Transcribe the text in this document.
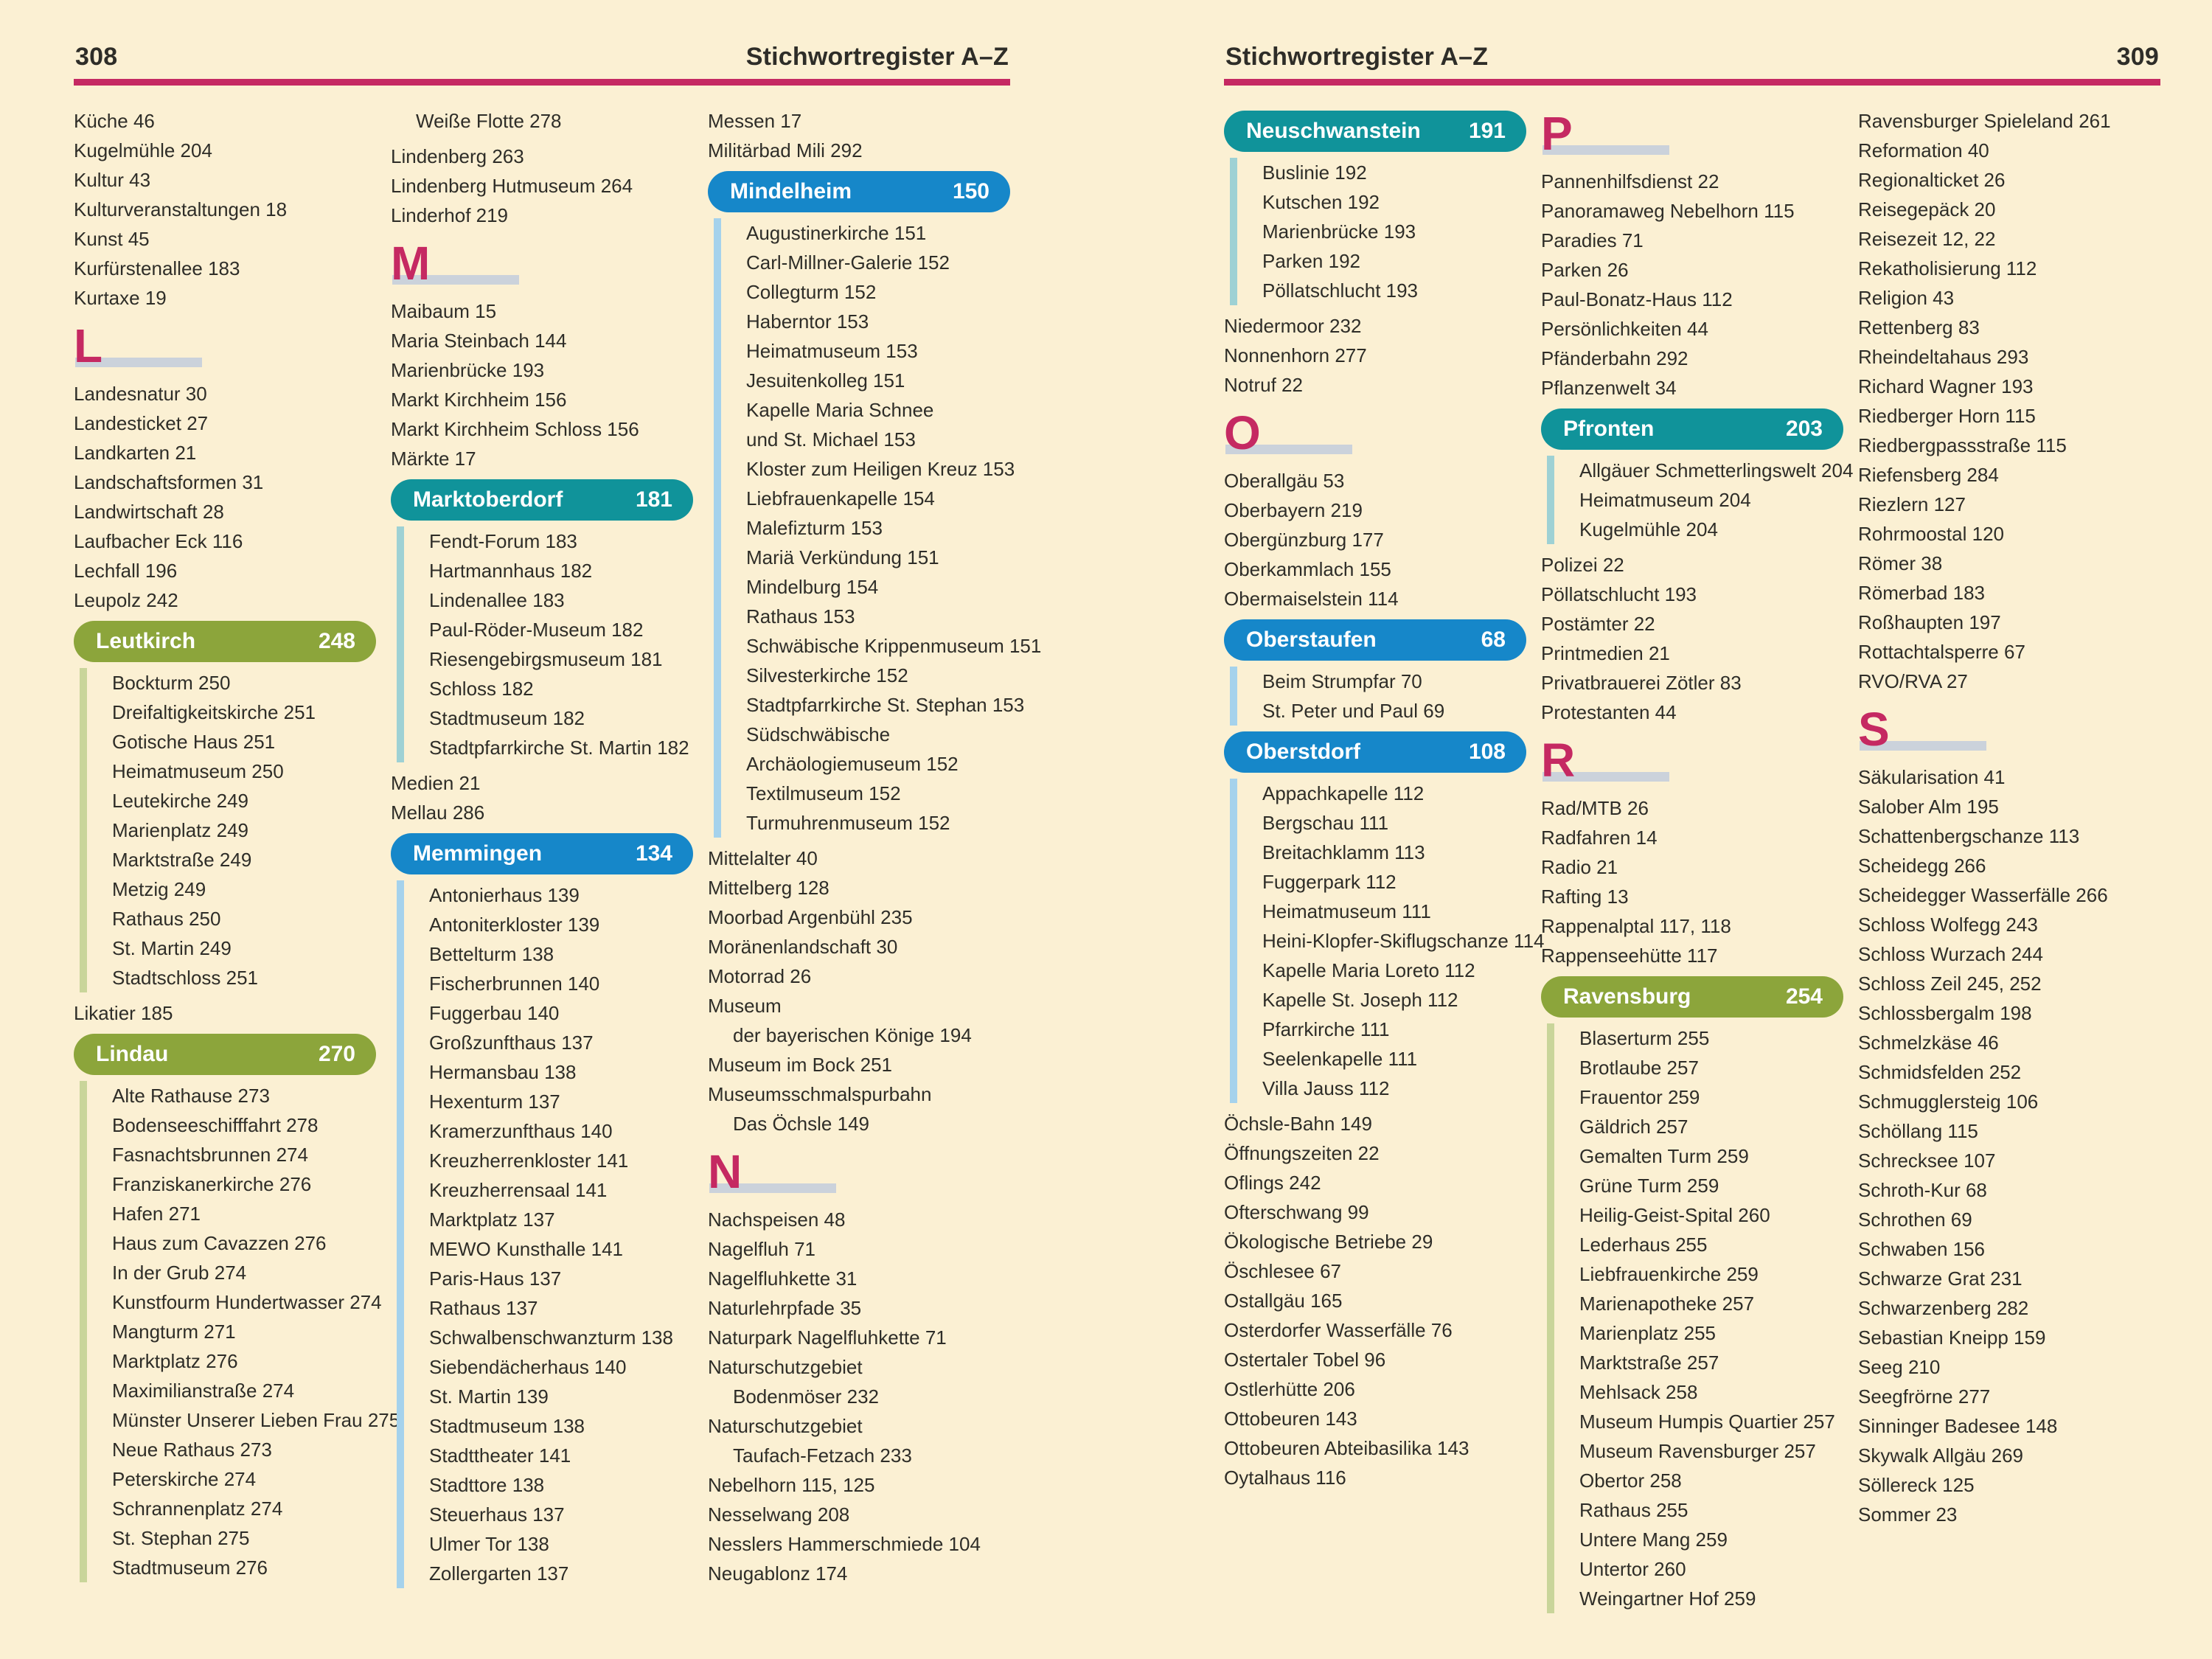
308	Stichwortregister A–Z
Küche 46
Kugelmühle 204
Kultur 43
Kulturveranstaltungen 18
Kunst 45
Kurfürstenallee 183
Kurtaxe 19
L
Landesnatur 30
Landesticket 27
Landkarten 21
Landschaftsformen 31
Landwirtschaft 28
Laufbacher Eck 116
Lechfall 196
Leupolz 242
Leutkirch	248
Bockturm 250
Dreifaltigkeitskirche 251
Gotische Haus 251
Heimatmuseum 250
Leutekirche 249
Marienplatz 249
Marktstraße 249
Metzig 249
Rathaus 250
St. Martin 249
Stadtschloss 251
Likatier 185
Lindau	270
Alte Rathause 273
Bodenseeschifffahrt 278
Fasnachtsbrunnen 274
Franziskanerkirche 276
Hafen 271
Haus zum Cavazzen 276
In der Grub 274
Kunstfourm Hundertwasser 274
Mangturm 271
Marktplatz 276
Maximilianstraße 274
Münster Unserer Lieben Frau 275
Neue Rathaus 273
Peterskirche 274
Schrannenplatz 274
St. Stephan 275
Stadtmuseum 276
Weiße Flotte 278
Lindenberg 263
Lindenberg Hutmuseum 264
Linderhof 219
M
Maibaum 15
Maria Steinbach 144
Marienbrücke 193
Markt Kirchheim 156
Markt Kirchheim Schloss 156
Märkte 17
Marktoberdorf	181
Fendt-Forum 183
Hartmannhaus 182
Lindenallee 183
Paul-Röder-Museum 182
Riesengebirgsmuseum 181
Schloss 182
Stadtmuseum 182
Stadtpfarrkirche St. Martin 182
Medien 21
Mellau 286
Memmingen	134
Antonierhaus 139
Antoniterkloster 139
Bettelturm 138
Fischerbrunnen 140
Fuggerbau 140
Großzunfthaus 137
Hermansbau 138
Hexenturm 137
Kramerzunfthaus 140
Kreuzherrenkloster 141
Kreuzherrensaal 141
Marktplatz 137
MEWO Kunsthalle 141
Paris-Haus 137
Rathaus 137
Schwalbenschwanzturm 138
Siebendächerhaus 140
St. Martin 139
Stadtmuseum 138
Stadttheater 141
Stadttore 138
Steuerhaus 137
Ulmer Tor 138
Zollergarten 137
Messen 17
Militärbad Mili 292
Mindelheim	150
Augustinerkirche 151
Carl-Millner-Galerie 152
Collegturm 152
Haberntor 153
Heimatmuseum 153
Jesuitenkolleg 151
Kapelle Maria Schnee
und St. Michael 153
Kloster zum Heiligen Kreuz 153
Liebfrauenkapelle 154
Malefizturm 153
Mariä Verkündung 151
Mindelburg 154
Rathaus 153
Schwäbische Krippenmuseum 151
Silvesterkirche 152
Stadtpfarrkirche St. Stephan 153
Südschwäbische
Archäologiemuseum 152
Textilmuseum 152
Turmuhrenmuseum 152
Mittelalter 40
Mittelberg 128
Moorbad Argenbühl 235
Moränenlandschaft 30
Motorrad 26
Museum
der bayerischen Könige 194
Museum im Bock 251
Museumsschmalspurbahn
Das Öchsle 149
N
Nachspeisen 48
Nagelfluh 71
Nagelfluhkette 31
Naturlehrpfade 35
Naturpark Nagelfluhkette 71
Naturschutzgebiet
Bodenmöser 232
Naturschutzgebiet
Taufach-Fetzach 233
Nebelhorn 115, 125
Nesselwang 208
Nesslers Hammerschmiede 104
Neugablonz 174
Stichwortregister A–Z	309
Neuschwanstein 191
Buslinie 192
Kutschen 192
Marienbrücke 193
Parken 192
Pöllatschlucht 193
Niedermoor 232
Nonnenhorn 277
Notruf 22
O
Oberallgäu 53
Oberbayern 219
Obergünzburg 177
Oberkammlach 155
Obermaiselstein 114
Oberstaufen	68
Beim Strumpfar 70
St. Peter und Paul 69
Oberstdorf	108
Appachkapelle 112
Bergschau 111
Breitachklamm 113
Fuggerpark 112
Heimatmuseum 111
Heini-Klopfer-Skiflugschanze 114
Kapelle Maria Loreto 112
Kapelle St. Joseph 112
Pfarrkirche 111
Seelenkapelle 111
Villa Jauss 112
Öchsle-Bahn 149
Öffnungszeiten 22
Oflings 242
Ofterschwang 99
Ökologische Betriebe 29
Öschlesee 67
Ostallgäu 165
Osterdorfer Wasserfälle 76
Ostertaler Tobel 96
Ostlerhütte 206
Ottobeuren 143
Ottobeuren Abteibasilika 143
Oytalhaus 116
P
Pannenhilfsdienst 22
Panoramaweg Nebelhorn 115
Paradies 71
Parken 26
Paul-Bonatz-Haus 112
Persönlichkeiten 44
Pfänderbahn 292
Pflanzenwelt 34
Pfronten	203
Allgäuer Schmetterlingswelt 204
Heimatmuseum 204
Kugelmühle 204
Polizei 22
Pöllatschlucht 193
Postämter 22
Printmedien 21
Privatbrauerei Zötler 83
Protestanten 44
R
Rad/MTB 26
Radfahren 14
Radio 21
Rafting 13
Rappenalptal 117, 118
Rappenseehütte 117
Ravensburg	254
Blaserturm 255
Brotlaube 257
Frauentor 259
Gäldrich 257
Gemalten Turm 259
Grüne Turm 259
Heilig-Geist-Spital 260
Lederhaus 255
Liebfrauenkirche 259
Marienapotheke 257
Marienplatz 255
Marktstraße 257
Mehlsack 258
Museum Humpis Quartier 257
Museum Ravensburger 257
Obertor 258
Rathaus 255
Untere Mang 259
Untertor 260
Weingartner Hof 259
Ravensburger Spieleland 261
Reformation 40
Regionalticket 26
Reisegepäck 20
Reisezeit 12, 22
Rekatholisierung 112
Religion 43
Rettenberg 83
Rheindeltahaus 293
Richard Wagner 193
Riedberger Horn 115
Riedbergpassstraße 115
Riefensberg 284
Riezlern 127
Rohrmoostal 120
Römer 38
Römerbad 183
Roßhaupten 197
Rottachtalsperre 67
RVO/RVA 27
S
Säkularisation 41
Salober Alm 195
Schattenbergschanze 113
Scheidegg 266
Scheidegger Wasserfälle 266
Schloss Wolfegg 243
Schloss Wurzach 244
Schloss Zeil 245, 252
Schlossbergalm 198
Schmelzkäse 46
Schmidsfelden 252
Schmugglersteig 106
Schöllang 115
Schrecksee 107
Schroth-Kur 68
Schrothen 69
Schwaben 156
Schwarze Grat 231
Schwarzenberg 282
Sebastian Kneipp 159
Seeg 210
Seegfrörne 277
Sinninger Badesee 148
Skywalk Allgäu 269
Söllereck 125
Sommer 23
